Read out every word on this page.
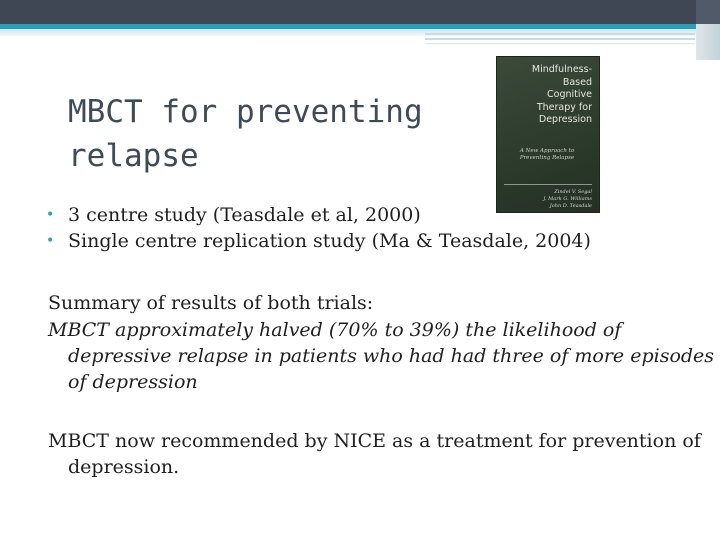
MBCT for preventing relapse
Mindfulness-
Based
Cognitive
Therapy for
Depression
A New Approach to Preventing Relapse
Zindel V. Segal
J. Mark G. Williams
John D. Teasdale
• 3 centre study (Teasdale et al, 2000)
• Single centre replication study (Ma & Teasdale, 2004)

Summary of results of both trials:

MBCT approximately halved (70% to 39%) the likelihood of depressive relapse in patients who had had three of more episodes of depression

MBCT now recommended by NICE as a treatment for prevention of depression.
